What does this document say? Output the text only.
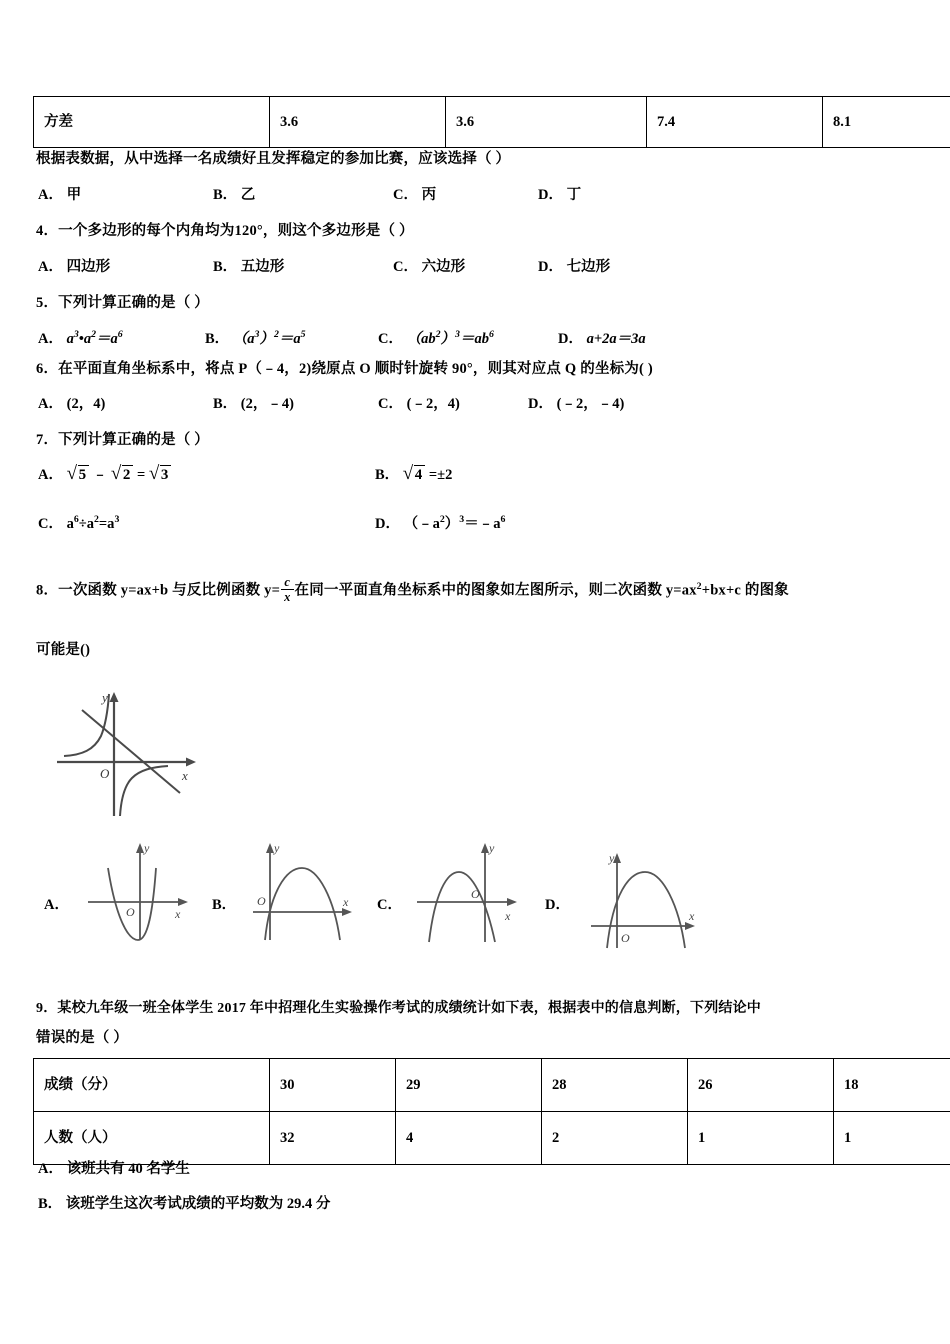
方差	3.6	3.6	7.4	8.1
根据表数据，从中选择一名成绩好且发挥稳定的参加比赛，应该选择（ ）
A． 甲	B． 乙	C． 丙	D． 丁
4．一个多边形的每个内角均为120°，则这个多边形是（ ）
A． 四边形	B． 五边形	C． 六边形	D． 七边形
5．下列计算正确的是（ ）
A． $a^3•a^2=a^6$	B． $(a^3)^2=a^5$	C． $(ab^2)^3=ab^6$	D． a+2a＝3a
6．在平面直角坐标系中，将点 P（﹣4，2)绕原点 O 顺时针旋转 90°，则其对应点 Q 的坐标为( )
A． (2，4)	B． (2，﹣4)	C． (﹣2，4)	D． (﹣2，﹣4)
7．下列计算正确的是（ ）
A． √ 5 ﹣ √ 2 = √ 3	B． √ 4 =±2
C． $a^6\div a^2=a^3$	D． $(﹣a^2)^3=﹣a^6$
8．一次函数 y=ax+b 与反比例函数 $y= \frac{c}{x}$ 在同一平面直角坐标系中的图象如左图所示，则二次函数 $y=ax^2+bx+c$ 的图象
可能是()
y
x
O
A．
y
x
O	B．
y
x
O	C．
y
x
O
D．
y
x
O
9．某校九年级一班全体学生 2017 年中招理化生实验操作考试的成绩统计如下表，根据表中的信息判断，下列结论中
错误的是（ ）
成绩（分）	30	29	28	26	18
人数（人）	32	4	2	1	1
A． 该班共有 40 名学生
B． 该班学生这次考试成绩的平均数为 29.4 分
